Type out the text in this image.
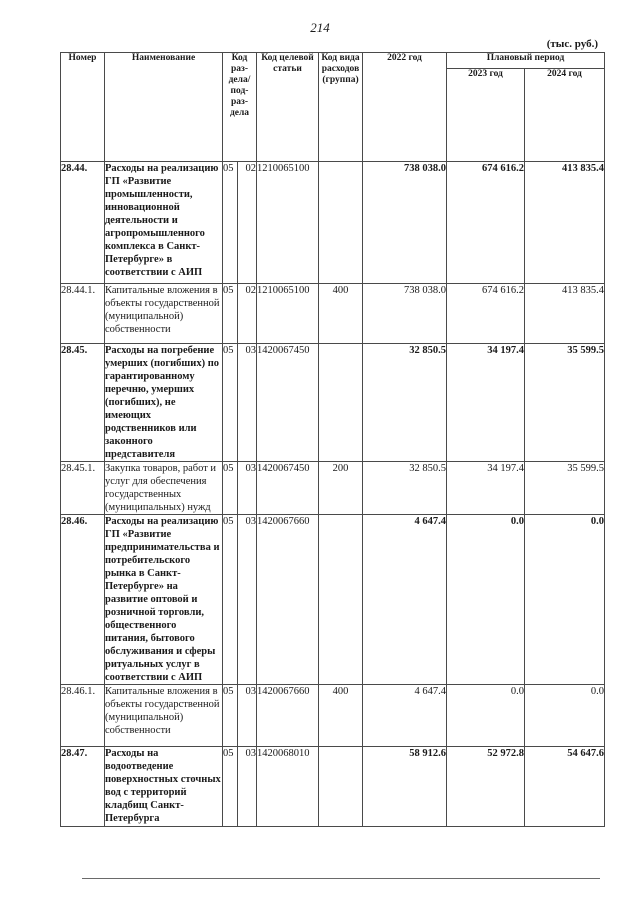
214
(тыс. руб.)
Номер	Наименование	Код раз-дела/ под-раз-дела		Код целевой статьи	Код вида расходов (группа)	2022 год	Плановый период	
							2023 год	2024 год
28.44.	Расходы на реализацию ГП «Развитие промышленности, инновационной деятельности и агропромышленного комплекса в Санкт-Петербурге» в соответствии с АИП	05	02	1210065100		738 038.0	674 616.2	413 835.4
28.44.1.	Капитальные вложения в объекты государственной (муниципальной) собственности	05	02	1210065100	400	738 038.0	674 616.2	413 835.4
28.45.	Расходы на погребение умерших (погибших) по гарантированному перечню, умерших (погибших), не имеющих родственников или законного представителя	05	03	1420067450		32 850.5	34 197.4	35 599.5
28.45.1.	Закупка товаров, работ и услуг для обеспечения государственных (муниципальных) нужд	05	03	1420067450	200	32 850.5	34 197.4	35 599.5
28.46.	Расходы на реализацию ГП «Развитие предпринимательства и потребительского рынка в Санкт-Петербурге» на развитие оптовой и розничной торговли, общественного питания, бытового обслуживания и сферы ритуальных услуг в соответствии с АИП	05	03	1420067660		4 647.4	0.0	0.0
28.46.1.	Капитальные вложения в объекты государственной (муниципальной) собственности	05	03	1420067660	400	4 647.4	0.0	0.0
28.47.	Расходы на водоотведение поверхностных сточных вод с территорий кладбищ Санкт-Петербурга	05	03	1420068010		58 912.6	52 972.8	54 647.6
